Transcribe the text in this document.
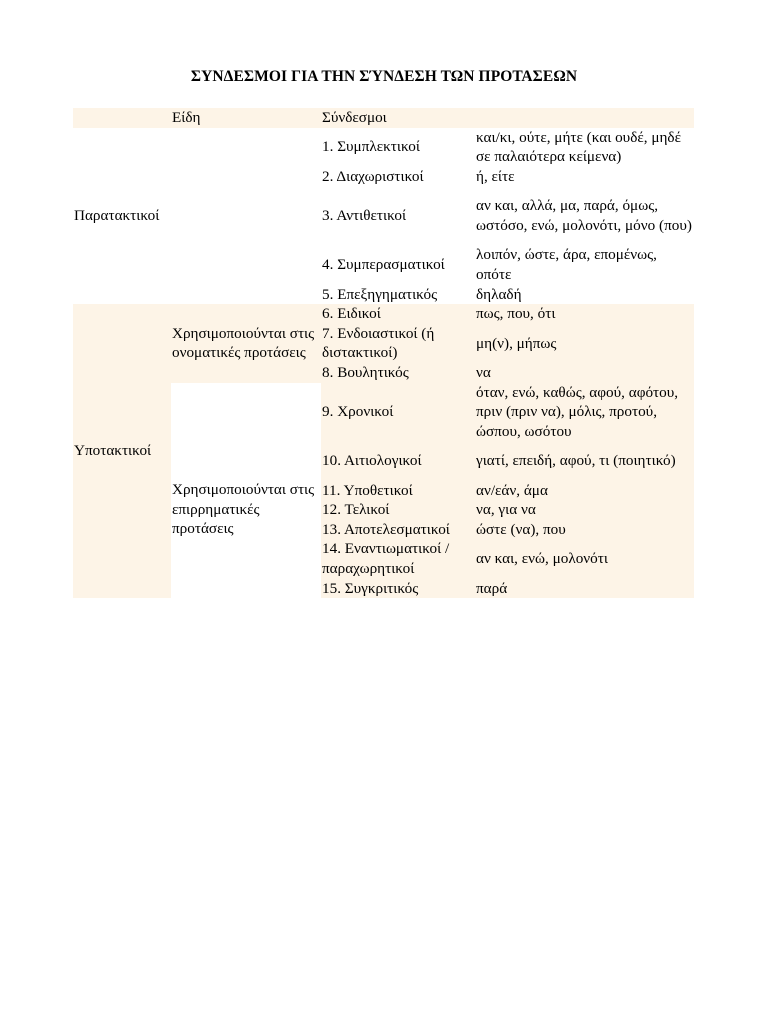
ΣΥΝΔΕΣΜΟΙ ΓΙΑ ΤΗΝ ΣΎΝΔΕΣΗ ΤΩΝ ΠΡΟΤΑΣΕΩΝ
	Είδη	Σύνδεσμοι	
Παρατακτικοί		1. Συμπλεκτικοί	και/κι, ούτε, μήτε (και ουδέ, μηδέ σε παλαιότερα κείμενα)
		2. Διαχωριστικοί	ή, είτε
		3. Αντιθετικοί	αν και, αλλά, μα, παρά, όμως, ωστόσο, ενώ, μολονότι, μόνο (που)
		4. Συμπερασματικοί	λοιπόν, ώστε, άρα, επομένως, οπότε
		5. Επεξηγηματικός	δηλαδή
Υποτακτικοί	Χρησιμοποιούνται στις ονοματικές προτάσεις	6. Ειδικοί	πως, που, ότι
		7. Ενδοιαστικοί (ή διστακτικοί)	μη(ν), μήπως
		8. Βουλητικός	να
	Χρησιμοποιούνται στις επιρρηματικές προτάσεις	9. Χρονικοί	όταν, ενώ, καθώς, αφού, αφότου, πριν (πριν να), μόλις, προτού, ώσπου, ωσότου
		10. Αιτιολογικοί	γιατί, επειδή, αφού, τι (ποιητικό)
		11. Υποθετικοί	αν/εάν, άμα
		12. Τελικοί	να, για να
		13. Αποτελεσματικοί	ώστε (να), που
		14. Εναντιωματικοί / παραχωρητικοί	αν και, ενώ, μολονότι
		15. Συγκριτικός	παρά
